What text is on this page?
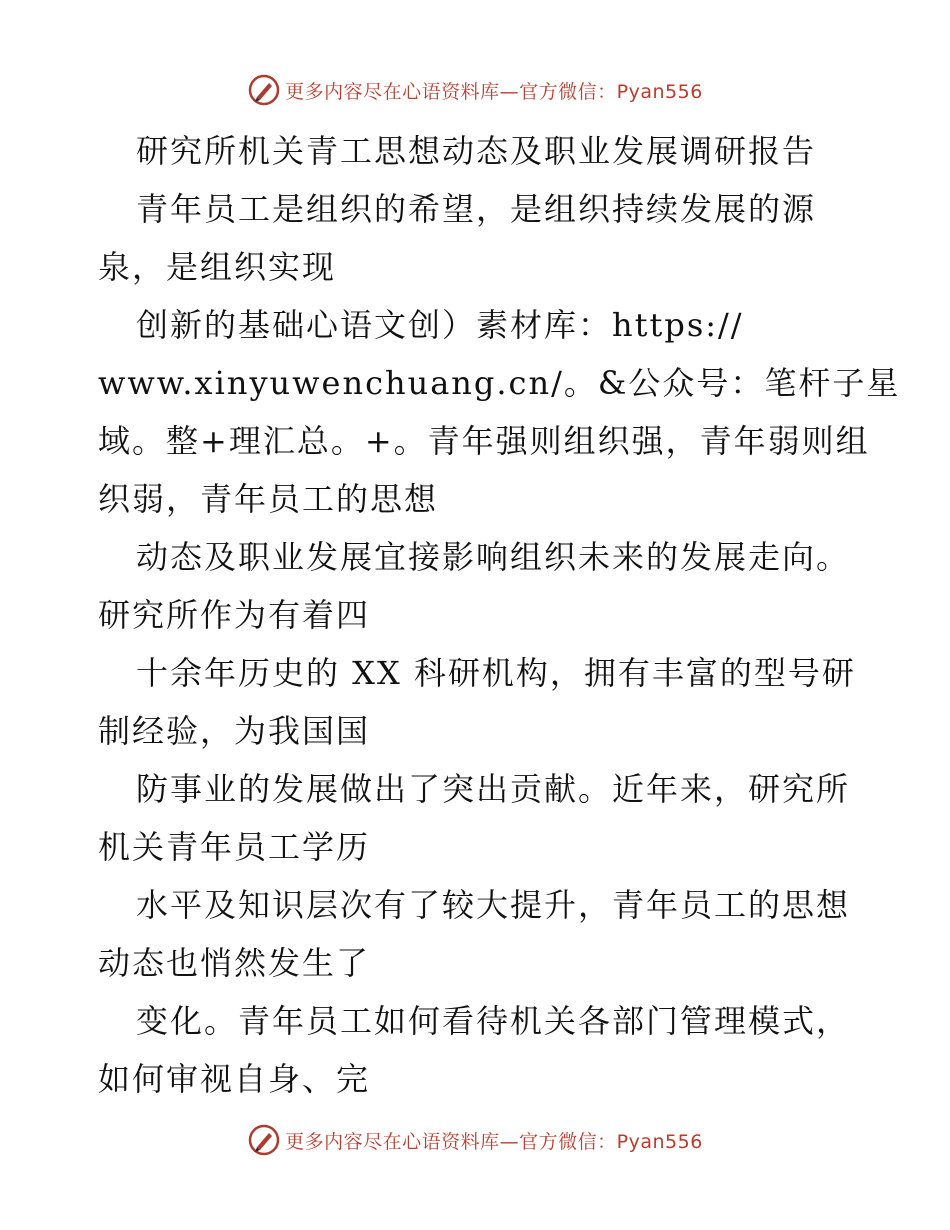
更多内容尽在心语资料库—官方微信：Pyan556
研究所机关青工思想动态及职业发展调研报告
青年员工是组织的希望，是组织持续发展的源
泉，是组织实现
创新的基础心语文创）素材库：https://
www.xinyuwenchuang.cn/。&公众号：笔杆子星
域。整+理汇总。+。青年强则组织强，青年弱则组
织弱，青年员工的思想
动态及职业发展宜接影响组织未来的发展走向。
研究所作为有着四
十余年历史的 XX 科研机构，拥有丰富的型号研
制经验，为我国国
防事业的发展做出了突出贡献。近年来，研究所
机关青年员工学历
水平及知识层次有了较大提升，青年员工的思想
动态也悄然发生了
变化。青年员工如何看待机关各部门管理模式，
如何审视自身、完
更多内容尽在心语资料库—官方微信：Pyan556
